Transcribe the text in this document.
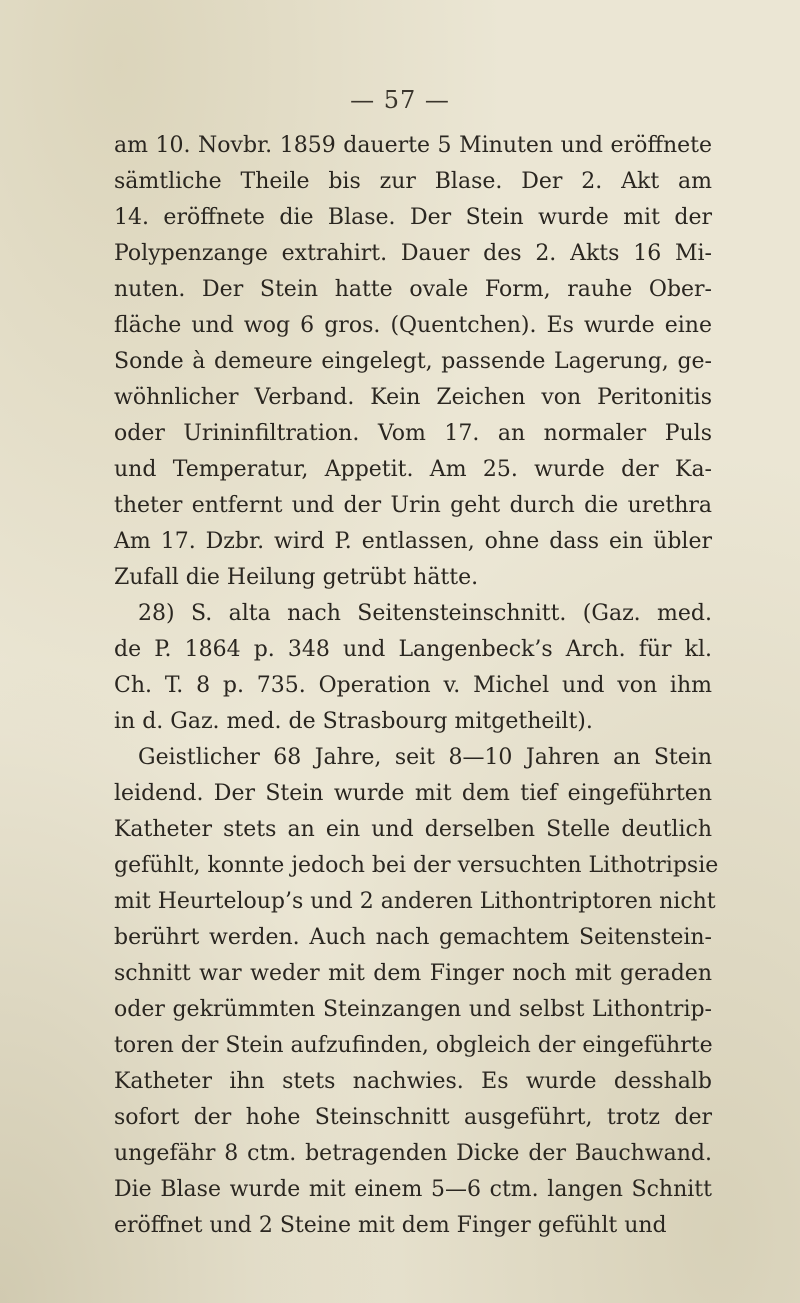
— 57 —
am 10. Novbr. 1859 dauerte 5 Minuten und eröffnete
sämtliche Theile bis zur Blase. Der 2. Akt am
14. eröffnete die Blase. Der Stein wurde mit der
Polypenzange extrahirt. Dauer des 2. Akts 16 Mi-
nuten. Der Stein hatte ovale Form, rauhe Ober-
fläche und wog 6 gros. (Quentchen). Es wurde eine
Sonde à demeure eingelegt, passende Lagerung, ge-
wöhnlicher Verband. Kein Zeichen von Peritonitis
oder Urininfiltration. Vom 17. an normaler Puls
und Temperatur, Appetit. Am 25. wurde der Ka-
theter entfernt und der Urin geht durch die urethra
Am 17. Dzbr. wird P. entlassen, ohne dass ein übler
Zufall die Heilung getrübt hätte.
28) S. alta nach Seitensteinschnitt. (Gaz. med.
de P. 1864 p. 348 und Langenbeck’s Arch. für kl.
Ch. T. 8 p. 735. Operation v. Michel und von ihm
in d. Gaz. med. de Strasbourg mitgetheilt).
Geistlicher 68 Jahre, seit 8—10 Jahren an Stein
leidend. Der Stein wurde mit dem tief eingeführten
Katheter stets an ein und derselben Stelle deutlich
gefühlt, konnte jedoch bei der versuchten Lithotripsie
mit Heurteloup’s und 2 anderen Lithontriptoren nicht
berührt werden. Auch nach gemachtem Seitenstein-
schnitt war weder mit dem Finger noch mit geraden
oder gekrümmten Steinzangen und selbst Lithontrip-
toren der Stein aufzufinden, obgleich der eingeführte
Katheter ihn stets nachwies. Es wurde desshalb
sofort der hohe Steinschnitt ausgeführt, trotz der
ungefähr 8 ctm. betragenden Dicke der Bauchwand.
Die Blase wurde mit einem 5—6 ctm. langen Schnitt
eröffnet und 2 Steine mit dem Finger gefühlt und
